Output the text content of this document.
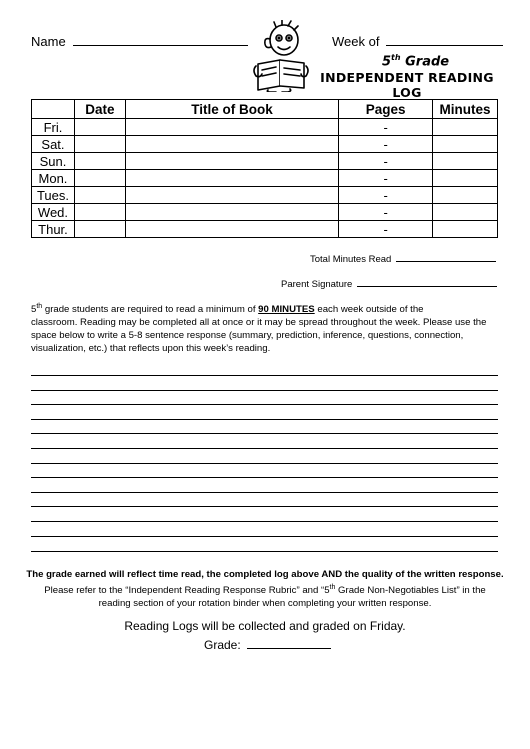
Name	Week of
5th Grade
INDEPENDENT READING LOG
	Date	Title of Book	Pages	Minutes
Fri.			-	
Sat.			-	
Sun.			-	
Mon.			-	
Tues.			-	
Wed.			-	
Thur.			-	
Total Minutes Read
Parent Signature
5th grade students are required to read a minimum of 90 MINUTES each week outside of the
classroom. Reading may be completed all at once or it may be spread throughout the week. Please use the
space below to write a 5-8 sentence response (summary, prediction, inference, questions, connection,
visualization, etc.) that reflects upon this week’s reading.
The grade earned will reflect time read, the completed log above AND the quality of the written response.
Please refer to the “Independent Reading Response Rubric” and “5th Grade Non-Negotiables List” in the
reading section of your rotation binder when completing your written response.
Reading Logs will be collected and graded on Friday.
Grade:
